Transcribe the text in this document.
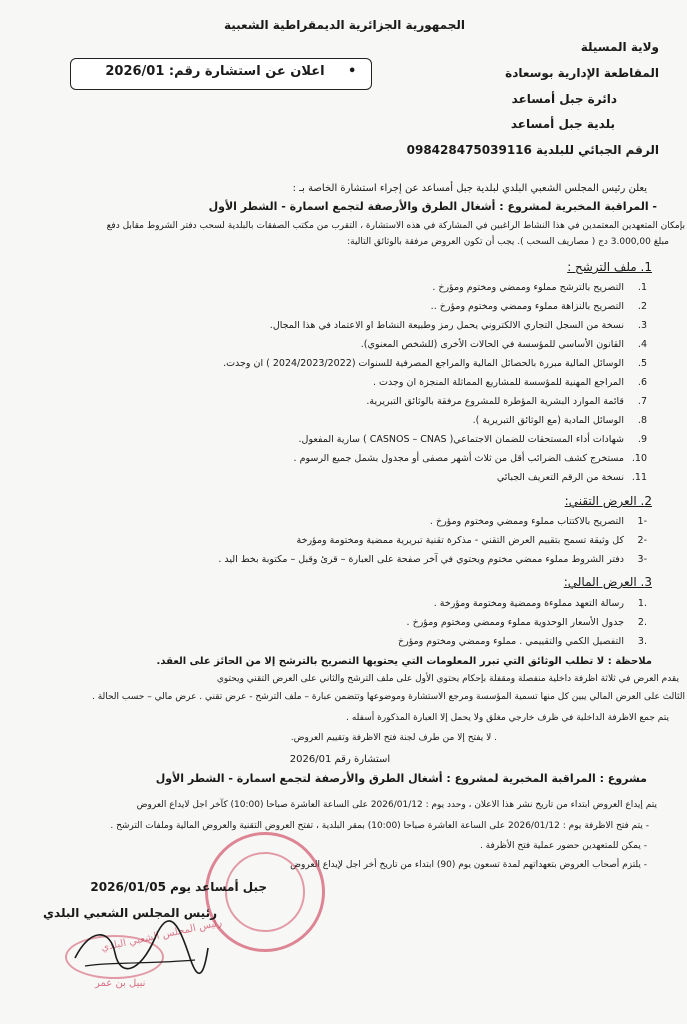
الجمهورية الجزائرية الديمقراطية الشعبية
ولاية المسيلة
المقاطعة الإدارية بوسعادة
دائرة جبل أمساعد
بلدية جبل أمساعد
الرقم الجبائي للبلدية 098428475039116
اعلان عن استشارة رقم: 2026/01	•
يعلن رئيس المجلس الشعبي البلدي لبلدية جبل أمساعد عن إجراء استشارة الخاصة بـ :
- المراقبة المخبرية لمشروع : أشغال الطرق والأرصفة لتجمع اسمارة - الشطر الأول
بإمكان المتعهدين المعتمدين في هذا النشاط الراغبين في المشاركة في هذه الاستشارة ، التقرب من مكتب الصفقات بالبلدية لسحب دفتر الشروط مقابل دفع
مبلغ 3.000,00 دج ( مصاريف السحب ). يجب أن تكون العروض مرفقة بالوثائق التالية:
1. ملف الترشح :
1. التصريح بالترشح مملوء وممضي ومختوم ومؤرخ .
2. التصريح بالنزاهة مملوء وممضي ومختوم ومؤرخ ..
3. نسخة من السجل التجاري الالكتروني يحمل رمز وطبيعة النشاط او الاعتماد في هذا المجال.
4. القانون الأساسي للمؤسسة في الحالات الأخرى (للشخص المعنوي).
5. الوسائل المالية مبررة بالحصائل المالية والمراجع المصرفية للسنوات (2024/2023/2022 ) ان وجدت.
6. المراجع المهنية للمؤسسة للمشاريع المماثلة المنجزة ان وجدت .
7. قائمة الموارد البشرية المؤطرة للمشروع مرفقة بالوثائق التبريرية.
8. الوسائل المادية (مع الوثائق التبريرية ).
9. شهادات أداء المستحقات للضمان الاجتماعي( CASNOS – CNAS ) سارية المفعول.
10. مستخرج كشف الضرائب أقل من ثلاث أشهر مصفى أو مجدول بشمل جميع الرسوم .
11. نسخة من الرقم التعريف الجبائي
2. العرض التقني:
-1 التصريح بالاكتتاب مملوء وممضي ومختوم ومؤرخ .
-2 كل وثيقة تسمح بتقييم العرض التقني - مذكرة تقنية تبريرية ممضية ومختومة ومؤرخة
-3 دفتر الشروط مملوء ممضي مختوم ويحتوي في آخر صفحة على العبارة – قرئ وقبل – مكتوبة بخط اليد .
3. العرض المالي:
.1 رسالة التعهد مملوءة وممضية ومختومة ومؤرخة .
.2 جدول الأسعار الوحدوية مملوء وممضي ومختوم ومؤرخ .
.3 التفصيل الكمي والتقييمي . مملوء وممضي ومختوم ومؤرخ
ملاحظة : لا تطلب الوثائق التي تبرر المعلومات التي يحتويها التصريح بالترشح إلا من الحائز على العقد.
يقدم العرض في ثلاثة اظرفة داخلية منفصلة ومقفلة بإحكام يحتوي الأول على ملف الترشح والثاني على العرض التقني ويحتوي
الثالث على العرض المالي يبين كل منها تسمية المؤسسة ومرجع الاستشارة وموضوعها وتتضمن عبارة – ملف الترشح - عرض تقني . عرض مالي – حسب الحالة .
يتم جمع الاظرفة الداخلية في ظرف خارجي مغلق ولا يحمل إلا العبارة المذكورة أسفله .
. لا يفتح إلا من طرف لجنة فتح الاظرفة وتقييم العروض.
استشارة رقم 2026/01
مشروع : المراقبة المخبرية لمشروع : أشغال الطرق والأرصفة لتجمع اسمارة - الشطر الأول
يتم إيداع العروض ابتداء من تاريخ نشر هذا الاعلان ، وحدد يوم : 2026/01/12 على الساعة العاشرة صباحا (10:00) كآخر اجل لايداع العروض
- يتم فتح الاظرفة يوم : 2026/01/12 على الساعة العاشرة صباحا (10:00) بمقر البلدية ، تفتح العروض التقنية والعروض المالية وملفات الترشح .
- يمكن للمتعهدين حضور عملية فتح الأظرفة .
- يلتزم أصحاب العروض بتعهداتهم لمدة تسعون يوم (90) ابتداء من تاريخ أخر اجل لإيداع العروض
جبل أمساعد يوم 2026/01/05
رئيس المجلس الشعبي البلدي
رئيس المجلس الشعبي البلدي
نبيل بن عمر
